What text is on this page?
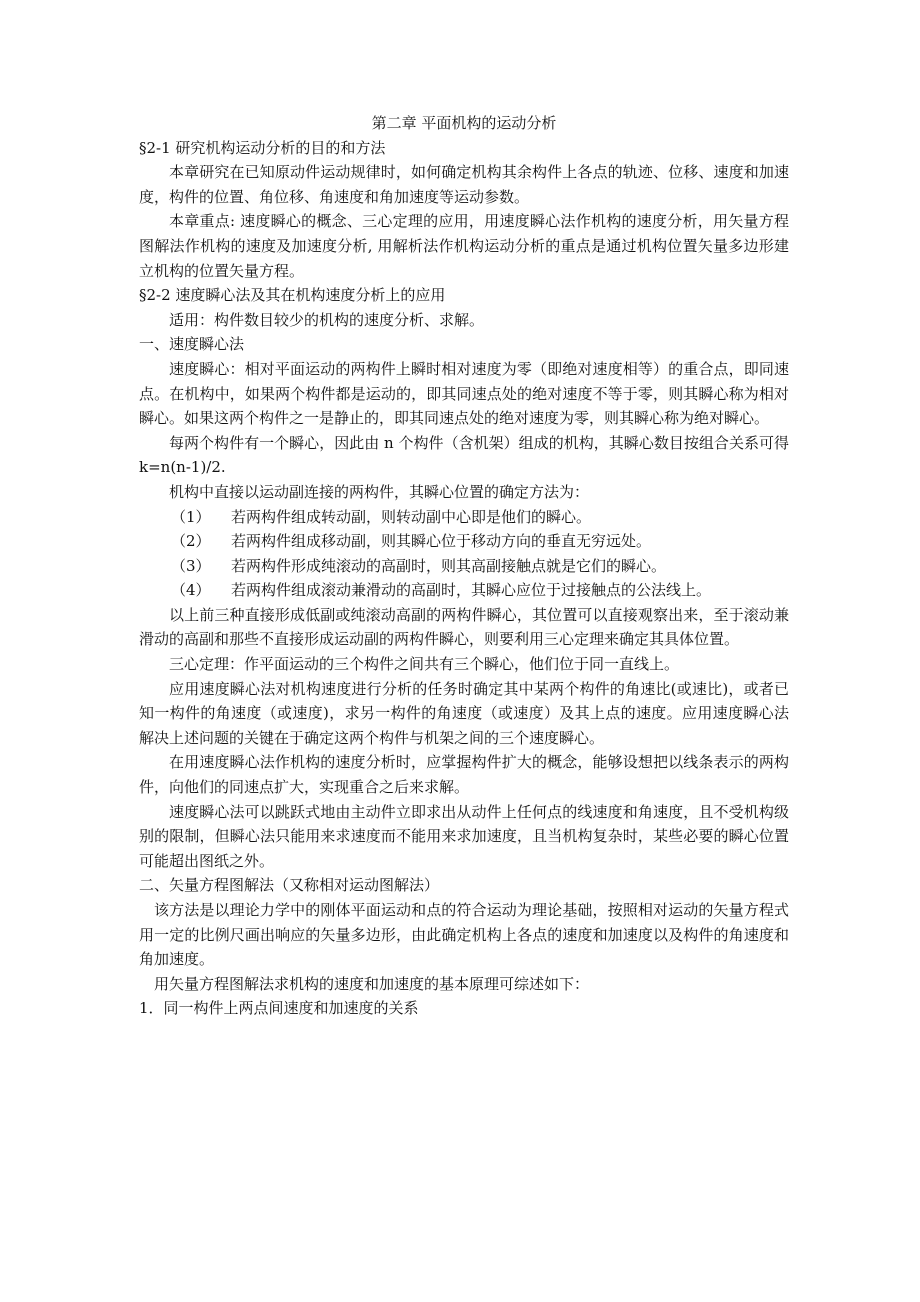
第二章 平面机构的运动分析

§2-1 研究机构运动分析的目的和方法

本章研究在已知原动件运动规律时，如何确定机构其余构件上各点的轨迹、位移、速度和加速度，构件的位置、角位移、角速度和角加速度等运动参数。

本章重点: 速度瞬心的概念、三心定理的应用，用速度瞬心法作机构的速度分析，用矢量方程图解法作机构的速度及加速度分析, 用解析法作机构运动分析的重点是通过机构位置矢量多边形建立机构的位置矢量方程。

§2-2 速度瞬心法及其在机构速度分析上的应用

适用：构件数目较少的机构的速度分析、求解。

一、速度瞬心法

速度瞬心：相对平面运动的两构件上瞬时相对速度为零（即绝对速度相等）的重合点，即同速点。在机构中，如果两个构件都是运动的，即其同速点处的绝对速度不等于零，则其瞬心称为相对瞬心。如果这两个构件之一是静止的，即其同速点处的绝对速度为零，则其瞬心称为绝对瞬心。

每两个构件有一个瞬心，因此由 n 个构件（含机架）组成的机构，其瞬心数目按组合关系可得 k=n(n-1)/2.

机构中直接以运动副连接的两构件，其瞬心位置的确定方法为：

（1）	若两构件组成转动副，则转动副中心即是他们的瞬心。
（2）	若两构件组成移动副，则其瞬心位于移动方向的垂直无穷远处。
（3）	若两构件形成纯滚动的高副时，则其高副接触点就是它们的瞬心。
（4）	若两构件组成滚动兼滑动的高副时，其瞬心应位于过接触点的公法线上。

以上前三种直接形成低副或纯滚动高副的两构件瞬心，其位置可以直接观察出来，至于滚动兼滑动的高副和那些不直接形成运动副的两构件瞬心，则要利用三心定理来确定其具体位置。

三心定理：作平面运动的三个构件之间共有三个瞬心，他们位于同一直线上。

应用速度瞬心法对机构速度进行分析的任务时确定其中某两个构件的角速比(或速比)，或者已知一构件的角速度（或速度)，求另一构件的角速度（或速度）及其上点的速度。应用速度瞬心法解决上述问题的关键在于确定这两个构件与机架之间的三个速度瞬心。

在用速度瞬心法作机构的速度分析时，应掌握构件扩大的概念，能够设想把以线条表示的两构件，向他们的同速点扩大，实现重合之后来求解。

速度瞬心法可以跳跃式地由主动件立即求出从动件上任何点的线速度和角速度，且不受机构级别的限制，但瞬心法只能用来求速度而不能用来求加速度，且当机构复杂时，某些必要的瞬心位置可能超出图纸之外。

二、矢量方程图解法（又称相对运动图解法）

该方法是以理论力学中的刚体平面运动和点的符合运动为理论基础，按照相对运动的矢量方程式用一定的比例尺画出响应的矢量多边形，由此确定机构上各点的速度和加速度以及构件的角速度和角加速度。

用矢量方程图解法求机构的速度和加速度的基本原理可综述如下：

1．同一构件上两点间速度和加速度的关系
